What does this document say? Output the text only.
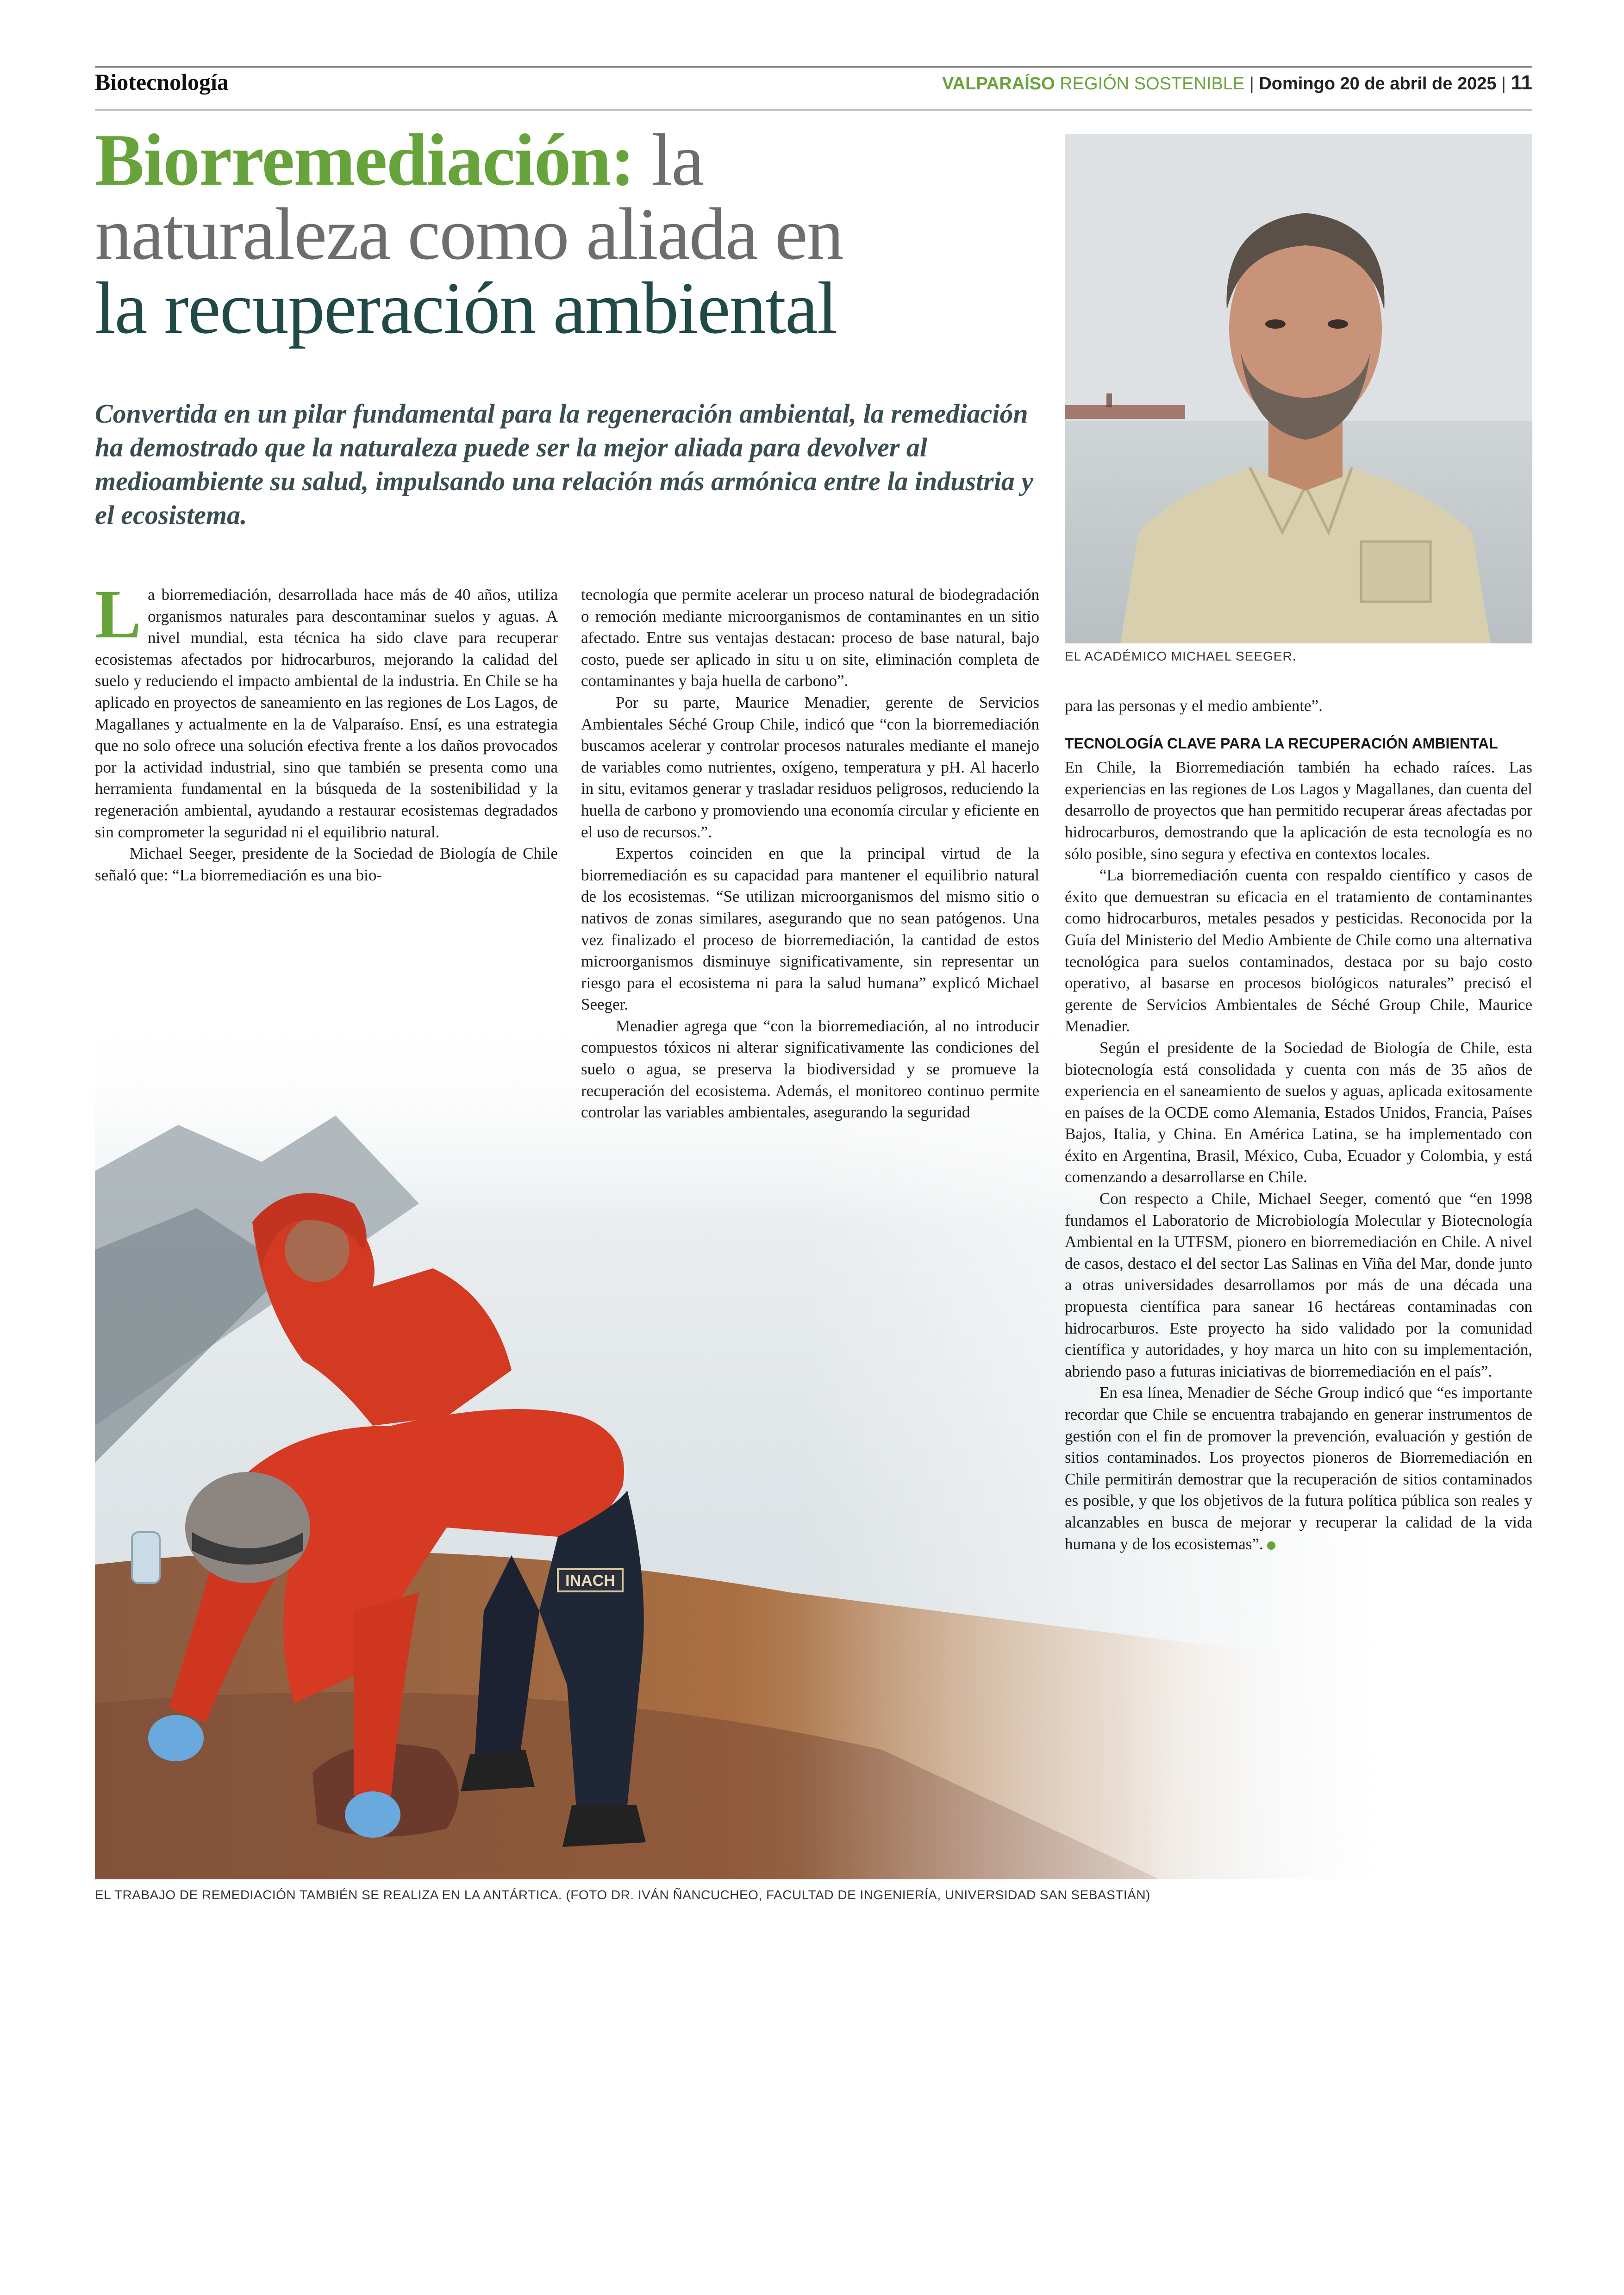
Biotecnología	VALPARAÍSO REGIÓN SOSTENIBLE | Domingo 20 de abril de 2025 | 11
Biorremediación: la
naturaleza como aliada en
la recuperación ambiental
Convertida en un pilar fundamental para la regeneración ambiental, la remediación ha demostrado que la naturaleza puede ser la mejor aliada para devolver al medioambiente su salud, impulsando una relación más armónica entre la industria y el ecosistema.
EL ACADÉMICO MICHAEL SEEGER.

La biorremediación, desarrollada hace más de 40 años, utiliza organismos naturales para descontaminar suelos y aguas. A nivel mundial, esta técnica ha sido clave para recuperar ecosistemas afectados por hidrocarburos, mejorando la calidad del suelo y reduciendo el impacto ambiental de la industria. En Chile se ha aplicado en proyectos de saneamiento en las regiones de Los Lagos, de Magallanes y actualmente en la de Valparaíso. Ensí, es una estrategia que no solo ofrece una solución efectiva frente a los daños provocados por la actividad industrial, sino que también se presenta como una herramienta fundamental en la búsqueda de la sostenibilidad y la regeneración ambiental, ayudando a restaurar ecosistemas degradados sin comprometer la seguridad ni el equilibrio natural.

Michael Seeger, presidente de la Sociedad de Biología de Chile señaló que: “La biorremediación es una bio-

tecnología que permite acelerar un proceso natural de biodegradación o remoción mediante microorganismos de contaminantes en un sitio afectado. Entre sus ventajas destacan: proceso de base natural, bajo costo, puede ser aplicado in situ u on site, eliminación completa de contaminantes y baja huella de carbono”.

Por su parte, Maurice Menadier, gerente de Servicios Ambientales Séché Group Chile, indicó que “con la biorremediación buscamos acelerar y controlar procesos naturales mediante el manejo de variables como nutrientes, oxígeno, temperatura y pH. Al hacerlo in situ, evitamos generar y trasladar residuos peligrosos, reduciendo la huella de carbono y promoviendo una economía circular y eficiente en el uso de recursos.”.

Expertos coinciden en que la principal virtud de la biorremediación es su capacidad para mantener el equilibrio natural de los ecosistemas. “Se utilizan microorganismos del mismo sitio o nativos de zonas similares, asegurando que no sean patógenos. Una vez finalizado el proceso de biorremediación, la cantidad de estos microorganismos disminuye significativamente, sin representar un riesgo para el ecosistema ni para la salud humana” explicó Michael Seeger.

Menadier agrega que “con la biorremediación, al no introducir compuestos tóxicos ni alterar significativamente las condiciones del suelo o agua, se preserva la biodiversidad y se promueve la recuperación del ecosistema. Además, el monitoreo continuo permite controlar las variables ambientales, asegurando la seguridad

para las personas y el medio ambiente”.

TECNOLOGÍA CLAVE PARA LA RECUPERACIÓN AMBIENTAL

En Chile, la Biorremediación también ha echado raíces. Las experiencias en las regiones de Los Lagos y Magallanes, dan cuenta del desarrollo de proyectos que han permitido recuperar áreas afectadas por hidrocarburos, demostrando que la aplicación de esta tecnología es no sólo posible, sino segura y efectiva en contextos locales.

“La biorremediación cuenta con respaldo científico y casos de éxito que demuestran su eficacia en el tratamiento de contaminantes como hidrocarburos, metales pesados y pesticidas. Reconocida por la Guía del Ministerio del Medio Ambiente de Chile como una alternativa tecnológica para suelos contaminados, destaca por su bajo costo operativo, al basarse en procesos biológicos naturales” precisó el gerente de Servicios Ambientales de Séché Group Chile, Maurice Menadier.

Según el presidente de la Sociedad de Biología de Chile, esta biotecnología está consolidada y cuenta con más de 35 años de experiencia en el saneamiento de suelos y aguas, aplicada exitosamente en países de la OCDE como Alemania, Estados Unidos, Francia, Países Bajos, Italia, y China. En América Latina, se ha implementado con éxito en Argentina, Brasil, México, Cuba, Ecuador y Colombia, y está comenzando a desarrollarse en Chile.

Con respecto a Chile, Michael Seeger, comentó que “en 1998 fundamos el Laboratorio de Microbiología Molecular y Biotecnología Ambiental en la UTFSM, pionero en biorremediación en Chile. A nivel de casos, destaco el del sector Las Salinas en Viña del Mar, donde junto a otras universidades desarrollamos por más de una década una propuesta científica para sanear 16 hectáreas contaminadas con hidrocarburos. Este proyecto ha sido validado por la comunidad científica y autoridades, y hoy marca un hito con su implementación, abriendo paso a futuras iniciativas de biorremediación en el país”.

En esa línea, Menadier de Séche Group indicó que “es importante recordar que Chile se encuentra trabajando en generar instrumentos de gestión con el fin de promover la prevención, evaluación y gestión de sitios contaminados. Los proyectos pioneros de Biorremediación en Chile permitirán demostrar que la recuperación de sitios contaminados es posible, y que los objetivos de la futura política pública son reales y alcanzables en busca de mejorar y recuperar la calidad de la vida humana y de los ecosistemas”.

EL TRABAJO DE REMEDIACIÓN TAMBIÉN SE REALIZA EN LA ANTÁRTICA. (FOTO DR. IVÁN ÑANCUCHEO, FACULTAD DE INGENIERÍA, UNIVERSIDAD SAN SEBASTIÁN)
